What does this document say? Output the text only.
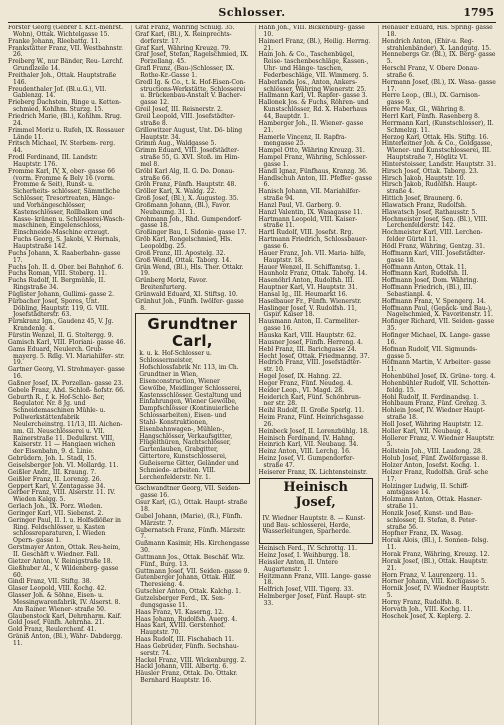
Schlosser.	1795

Forster Georg (Gebrer f. Kr.f.-mehrst. Wohn), Ottak. Wichtelgasse 15.

Franke Johann, Rleebattg. 11.

Frankstätter Franz, VII. Westbahnstr. 26.

Freiberg W., nur Bänder, Reu- Lerchf. Grundlzeile 14.

Freithaler Joh., Ottak. Hauptstraße 146.

Freudenthaler Jof. (Bl.u.G.), VII. Gablenzg. 14.

Frieberg Dachstein, Ringe u. Ketten- schmied, Kohlhm. Sturzg. 15.

Friedrich Marie, (Bl.), Kohlhm. Rrug. 24.

Frimmel Moriz u. Rufeh, IX. Rossauer Lände 11.

Fritsch Michael, IV. Sterbem- rerg. 44.

Frodl Ferdinand, III. Landstr. Hauptstr. 176.

Fromme Karl, IV, X, ober- gasse 66 (vorm. Fromme & Bely 16 (vorm. Fromme & Seit), Runst- u. Sicherheits- schlösser, Sämmtliche Schlösser, Tresortreaten, Hänge- und Vorhängeschlösser, Kastenschlösser, Rollbalken und Kasse- kränen u. Schlösserei-Wasch- maschinen, Eingelenschloss, Einschneide-Maschine erzeugt. Fuchs Georg, S. Jakobi, V. Hernals, Hauptstraße 142.

Fuchs Johann, X. Raaberbahn- gasse 17.

Fuchs Joh. II. d. Ober. bei Bahnhof. 6.

Fuchs Roman, VIII. Stoberg. 11.

Fuchs Rudolf, II. Bergmühle, II. Ringstraße 34.

Füglister Johann, Gullimi- gasse 2.

Fürbacher Josef, Spores, Unt. Döbling, Hauptstr. 119, G. VIII. Josefstädterstr. 63.

Fürnkranz Ign., Gaudenz 45, V. Jg. Krandenlg. 4.

Fürstin Wenzel, II. G. Stoltergg. 9.

Gamisch Karl, VIII. Floriani- gasse 46.

Gams Eduard, Neulerch. Grub- mayerg. 5. Rdlg. VI. Mariahilfer- str. 19.

Gartner Georg, VI. Strohmayer- gasse 16.

Gaßner Josef, IX. Porzellan- gasse 23.

Gebele Franz, Ahd. Schloß- hofstr. 66.

Geburth R., f. k. Hof-Schlo- ßer, Regulator. Nr. 8 Jg. und Schneidemaschinen Mühle- u. Pollwerkstättenfabrik Neulercheinstrg. 11/13, III. Aichen- nm. Gl. Neuschlösserei u. VII. Rainerstraße 11. Dedulkrst. VIII, Kaiserstr. 11 — Hangiaen wichen der Eisenbahn, 9. d. Linie.

Gebrüdern, Joh. L. Stadl, 15.

Geiselsberger Joh. VI. Mollardg. 11.

Geißler Andr., III. Kraung. 7.

Geißler Franz, II. Lorenzg. 26.

Geppert Karl, V. Zentagasse 34.

Gerber Franz, VIII. Alserstr. 11. IV. Wieden Kalgg. 5.

Gerlach Joh., IX. Porz. Wieden.

Geringer Karl, VII. Siebenst. 2.

Geringer Paul, II. I. u. Holfsdlößer in Ring. Feldschlösser, u. Kasten schlossreparaturen, I. Wieden Opern- gasse 1.

Gerstmayer Anton, Ottak. Reu-heim, II. Geschäft v. Wiedner. Fall.

Gietzer Anton, V. Reinigstraße 18.

Gießhuber Al., V. Wildenberg- gasse 60.

Gindl Franz, VII. Stiftg. 38.

Glaser Leopold, VIII. Kochg. 42.

Glasser Joh. & Söhne, Eisen- u. Messingwarenfabrik, IV. Alserst. 8. Am Rainer. Wiener- straße 50.

Glaubenstock Karl, Dehrnharm. Kaif.

Gold Josef, Fünfh. Aehrnha. 21.

Gold Franz, Reulerchenf. 41.

Gräniß Anton, (Bl.), Währ- Dabdergg. 11.

Graf Franz, Währing Schulg. 35.

Graf Karl, (Bl.), X. Reinprechts- dorferstr. 17.

Graf Karl, Währing Kreuzg. 79.

Graf Josef, Stefan, Ragelschmied, IX. Porzellang. 45.

Grafl Franz, (Bau-)Schlosser, IX. Rothe-Kr.-Gasse 1.

Gredl Ig. & Co., t. k. Hof-Eisen-Con- structions-Werkstätte, Schlosserei u. Brückenbau-Anstalt V. Bacher- gasse 12.

Greil Josef, III. Reisnerstr. 2.

Greil Leopold, VIII. Josefstädter- straße 8.

Grillowitzer August, Unt. Dö- bling Hauptstr. 34.

Grimm Aug., Waldgasse 5.

Grimm Eduard, VIII. Josefstädter- straße 55, G. XVI. Stoß. im Him- mel 8.

Gröbl Karl Alg, II. G. Do. Donau- straße 66.

Gröh Franz, Fünfh. Hauptstr. 48.

Gröller Karl, X. Waldg. 22.

Groß Josef, (Bl.), X. Augusteg. 35.

Großmann Johann, (Bl.), Favor. Neubaumg. 31. 1.

Grohmann Joh., Rhd. Gumpendorf- gasse 18.

Großinger Bau, I. Sidonie- gasse 17.

Gröb Karl, Rongelschmied, Hls. Leopoldbg. 25.

Groß Franz, III. Apostelg. 32.

Groß Wendl, Ottak. Taborg. 14.

Grün Wend, (Bl.), Hls. Ther. Ottakr. 19.

Grünberg Moriz, Favor. Breitenfurterg.

Grünwald Eduard, XI. Stiftsg. 10.

Grünhut Joh., Fünfh. Iwölfer- gasse 8.

Grundtner Carl,

k. u. k. Hof-Schlosser u. Schlossermeister, Hofschlossfabrik Nr. 113, im Ch. Grundtner in Wien, Eisenconstruction, Wiener Gewölbe, Meidlinger Schlosserei, Kastensschlösser. Gestaltung und Einfahrungen, Wiener Gewölbe, Dampfschlösser (Kontinuierliche Schlossarbeiten), Eisen- und Stahl- Konstruktionen, Eisenbahnwagen-, Mühlen-, Hangschlösser, Verkaufsgitter, Flügelthüren, Nachtschlösser, Gartenlauben, Grabgitter, Gittertore, Kunstschlosserei, Gußeiserne Gitter, Geländer und Schmiede- arbeiten. VIII. Lerchenfelderstr. Nr. 1.

Gschwandtner Georg, VII. Seiden- gasse 16.

Gsur Karl, (G.), Ottak. Haupt- straße 18.

Gubel Johann, (Marie), (R.), Fünfh. Märzstr. 7.

Gubernatsch Franz, Fünfh. Märzstr. 7.

Gußmann Kasimir, Hls. Kirchengasse 30.

Guttmann Jos., Ottak. Beschäf. Wlz. Fünf., Burg. 13.

Guttmann Josef, VII. Seiden- gasse 9.

Gutenberger Johann, Ottak. Hilf. Theresieng. 4.

Gutschier Anton, Ottak. Kalchg. 1.

Gutzelsberger Ferd., IX. Sen- dungsgasse 11.

Haas Franz, VI. Kaserng. 12.

Haas Johann, Rudolfsh. Auerg. 4.

Haas Karl, XVIII. Gerstenhof. Hauptstr. 70.

Haas Rudolf, III. Fischabach 11.

Haas Gebrüder, Fünfh. Sechshau- serstr. 74.

Hackel Franz, VIII. Wickenburgg. 2.

Hackl Johann, VIII. Albertg. 6.

Häusler Franz, Ottak. Do. Ottakr. Bernhard Hauptstr. 16.

Hahn Joh., VIII. Bickenburg- gasse 10.

Haimerl Franz, (Bl.), Heilig. Herrng. 21.

Hain Joh. & Co., Taschenbügel, Reise- taschenbeschläge, Kassen-, Uhr- und Hänge- taschen, Federbeschläge, VII. Wimmerg. 5.

Haberlanda Jos., Anton, Ankers- schlösser, Währing Wienerstr. 25.

Hallmann Karl, VI. Rapfer- gasse 3.

Hallonek Jos. & Fuchs, Röhren- und Kunstschlösser, Rd. X. Haberhaus 44, Bauptdr. 1.

Hamberger Joh., II. Wiener- gasse 21.

Hamerle Vincenz, II. Rapfra- mengasse 25.

Hampel Otto, Währing Kreuzg. 31.

Hampel Franz, Währing, Schlosser- gasse 1.

Handl Ignaz, Fünfhaus, Kranzg. 36.

Handlschuh Anton, III. Pfeffer- gasse 6.

Hanisch Johann, VII. Mariahilfer- straße 94.

Hanzl Paul, VI. Garberg. 9.

Hanzl Valentin, IX. Wasagasse 11.

Hartmann Leopold, VIII. Kaiser- straße 11.

Hartl Rudolf, VIII. Josefst. Rrg.

Hartmann Friedrich, Schlossbauer- gasse 6.

Hauer Franz, Joh. VII. Maria- hilfe, Hauptstr. 18.

Hauer Wenzel, II. Schiffamtsg. 1.

Haunholz Franz, Ottak. Taborg. 14.

Hasenöhrl Anton, Rudolfsh. III.

Hauptner Karl, VI. Hauptstr. 31.

Hansal Ig., III. Heumarkt 16.

Haselbauer Fr., Fünfh. Wienerstr.

Haslinger Josef, V. Rudolfsh. 11, Gspir. Kaiser 18.

Hausmann Anton, II. Carmeliter- gasse 16.

Hauska Karl, VIII. Hauptstr. 62.

Hausner Josef, Fünfh. Herreng. 4.

Hebl Franz, III. Barichgasse 24.

Hecht Josef, Ottak. Friedmanng. 37.

Hedrich Franz, VIII. Josefstädter- str. 10.

Hegel Josef, IX. Hahng. 22.

Heger Franz, Fünf. Neudeg. 4.

Heider Leop., VI. Magd. 28.

Heiderich Karl, Fünf. Schönbrun- ner str. 28.

Heihl Rudolf, II. Große Sperlg. 11.

Heim Franz, Fünf. Heinrichsgasse 26.

Heinbeck Josef, II. Lorenzbühlg. 18.

Heinisch Ferdinand, IV. Hahng.

Heinrich Karl, VII. Neubaug. 34.

Heinz Anton, VIII. Lerchg. 16.

Heinz Josef, VI. Gumpendorfer- straße 47.

Heiserer Franz, IX. Lichtensteinstr.

Heinisch Josef,

IV. Wiedner Hauptstr. 8. — Kunst- und Bau- schlosserei, Herde, Wasserleitungen, Sparherde.

Heinisch Ferd., IV. Schrottg. 11.

Heinz Josef, I. Weihburgg. 18.

Heissler Anton, II. Untere Augartenstr. 1.

Heitzmann Franz, VIII. Lange- gasse 18.

Helfrich Josef, VIII. Tigerg. 33.

Helmberger Josef, Fünf. Haupt- str. 33.

Henauer Eduard, Hls. Spring- gasse 18.

Hendrich Anton, (Ehir-u. Reg- strahlenbänder), X. Landgutg. 15.

Hennebergs Gr. (Bl.), IX. Berg- gasse 5.

Herschl Franz, V. Obere Donau- straße 6.

Hermann Josef, (Bl.), IX. Wasa- gasse 17.

Herre Leop., (Bl.), IX. Garnison- gasse 9.

Herre Max, Gl., Währing 8.

Herrl Karl, Fünfh. Rasenberg 8.

Herrmann Karl, (Kunstschlosser), II. Schmelzg. 11.

Herzog Karl, Ottak. Hls. Stiftg. 16.

Hinterleitner Joh. & Co., Goldgasse, Wiener- und Kunstschlosserei, III. Hauptstraße 7, Höglitz VI.

Hinterstoisser, Landstr. Hauptstr. 31.

Hirsch Josef, Ottak. Taborg. 23.

Hirsch Jakob, Hauptstr. 10.

Hirsch Jakob, Rudolfsh. Haupt- straße 4.

Hittich Josef, Braunerg. 6.

Hlawatsch Franz, Rudolfsh.

Hlawatsch Josef, Rathausstr. 5.

Hochmeister Josef, Sen. (Bl.), VIII. Lerchenfelderstr. 142.

Hochmeister Karl, VIII. Lerchen- felder Gürtel 11.

Hödl Franz, Währing, Gentzg. 31.

Hoffmann Karl, VIII. Josefstädter- gasse 18.

Hoffmann Anton, Ottak. 11.

Hoffmann Karl, Rudolfsh. II.

Hoffmann Josef, Dom. Währing.

Hoffmann Friedrich, (Bl.), III. Sebastianpl. 4.

Hoffmann Franz, V. Spengerg. 14.

Hoffmann Paul, (Gepäck- und Bau-), Nagelschmied, X. Favoritenstr. 11.

Hofinger Richard, VII. Seiden- gasse 35.

Hofinger Michael, IX. Lange- gasse 16.

Hofman Rudolf, VII. Sigmunds- gasse 5.

Hofmann Martin, V. Arbeiter- gasse 11.

Hohenbühel Josef, IX. Grüne- torg. 4.

Hohenbühler Rudolf, VII. Schotten- feldg. 15.

Hohl Rudolf, II. Ferdinandsg. 1.

Hohlbaum Franz, Fünf. Grenzg. 3.

Hohlein Josef, IV. Wiedner Haupt- straße 18.

Holl Josef, Währing Hauptstr. 12.

Holler Karl, VII. Neubaug. 4.

Hollerer Franz, V. Wiedner Hauptstr. 5.

Hollstein Joh., VIII. Laudong. 28.

Holub Josef, Fünf. Zwölfergasse 8.

Holzer Anton, Josefst. Kochg. 1.

Holzer Franz, Rudolfsh. Graf- sche 17.

Holzinger Ludwig, II. Schiff- amtsgasse 14.

Holzmann Anton, Ottak. Hasner- straße 11.

Honzik Josef, Kunst- und Bau- schlosser, II. Stefan, 8. Peter- straße 56.

Hopfner Franz, IX. Wasag.

Horak Alois, (Bl.), I. Sonnen- felsg. 11.

Horak Franz, Währing, Kreuzg. 12.

Horak Josef, (Bl.), Ottak. Hauptstr. 21.

Horn Franz, V. Laurenzerg. 11.

Horner Johann, VIII. Kochgasse 5.

Hornik Josef, IV. Wiedner Hauptstr. 5.

Horny Franz, Rudolfsh. 8.

Horvath Joh., VIII. Kochg. 11.

Hoschek Josef, X. Keplerg. 2.
